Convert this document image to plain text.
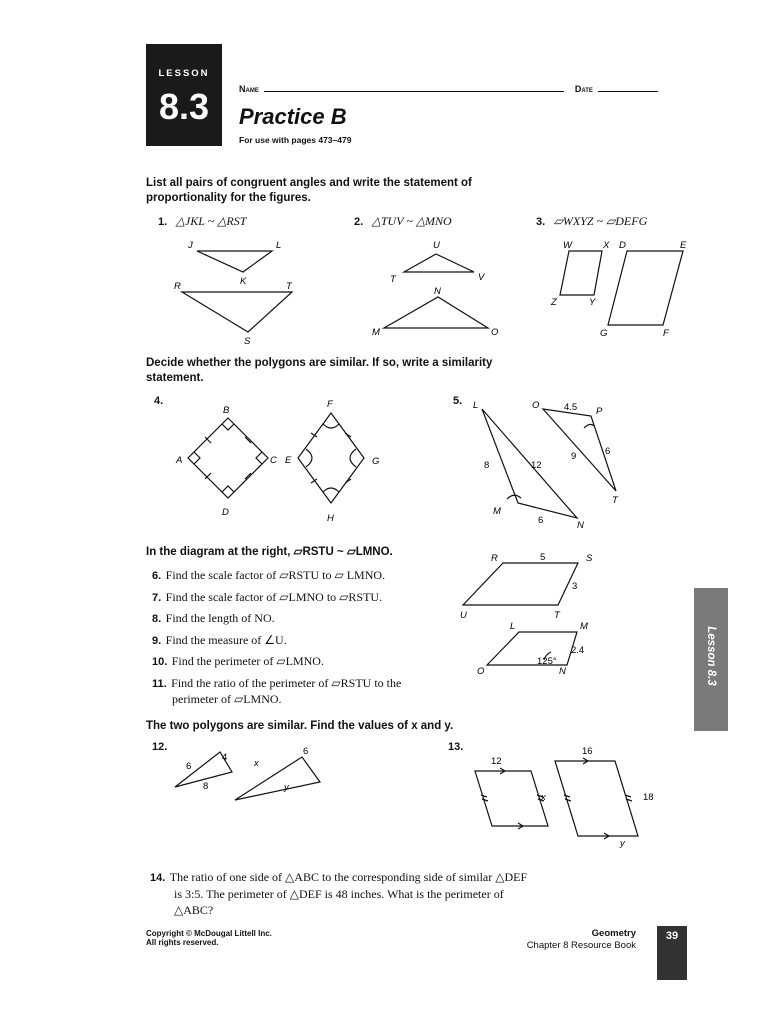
LESSON
8.3	Name	Date
Practice B
For use with pages 473–479
List all pairs of congruent angles and write the statement of
proportionality for the figures.
1. △JKL ~ △RST	2. △TUV ~ △MNO	3. ▱WXYZ ~ ▱DEFG
J	L
K
R	T
S
U
T	V
N
M	O
W	X D	E
Z	Y
G	F
B
F
A	C E	G
D
H
L	O	4.5 P
6
9
8	12
T
M
6	N
R	5	S
3
U	T
L	M
2.4
125°
O	N
4
6
8
6
x
y
12
16
x	18
y
Decide whether the polygons are similar. If so, write a similarity
statement.
4.	5.
In the diagram at the right, ▱RSTU ~ ▱LMNO.
6. Find the scale factor of ▱RSTU to ▱ LMNO.
7. Find the scale factor of ▱LMNO to ▱RSTU.
8. Find the length of NO.
9. Find the measure of ∠U.
10. Find the perimeter of ▱LMNO.
11. Find the ratio of the perimeter of ▱RSTU to the
perimeter of ▱LMNO.
The two polygons are similar. Find the values of x and y.
12.	13.
14. The ratio of one side of △ABC to the corresponding side of similar △DEF
is 3:5. The perimeter of △DEF is 48 inches. What is the perimeter of
△ABC?
Lesson 8.3
Copyright © McDougal Littell Inc.
All rights reserved.
Geometry
Chapter 8 Resource Book
39
